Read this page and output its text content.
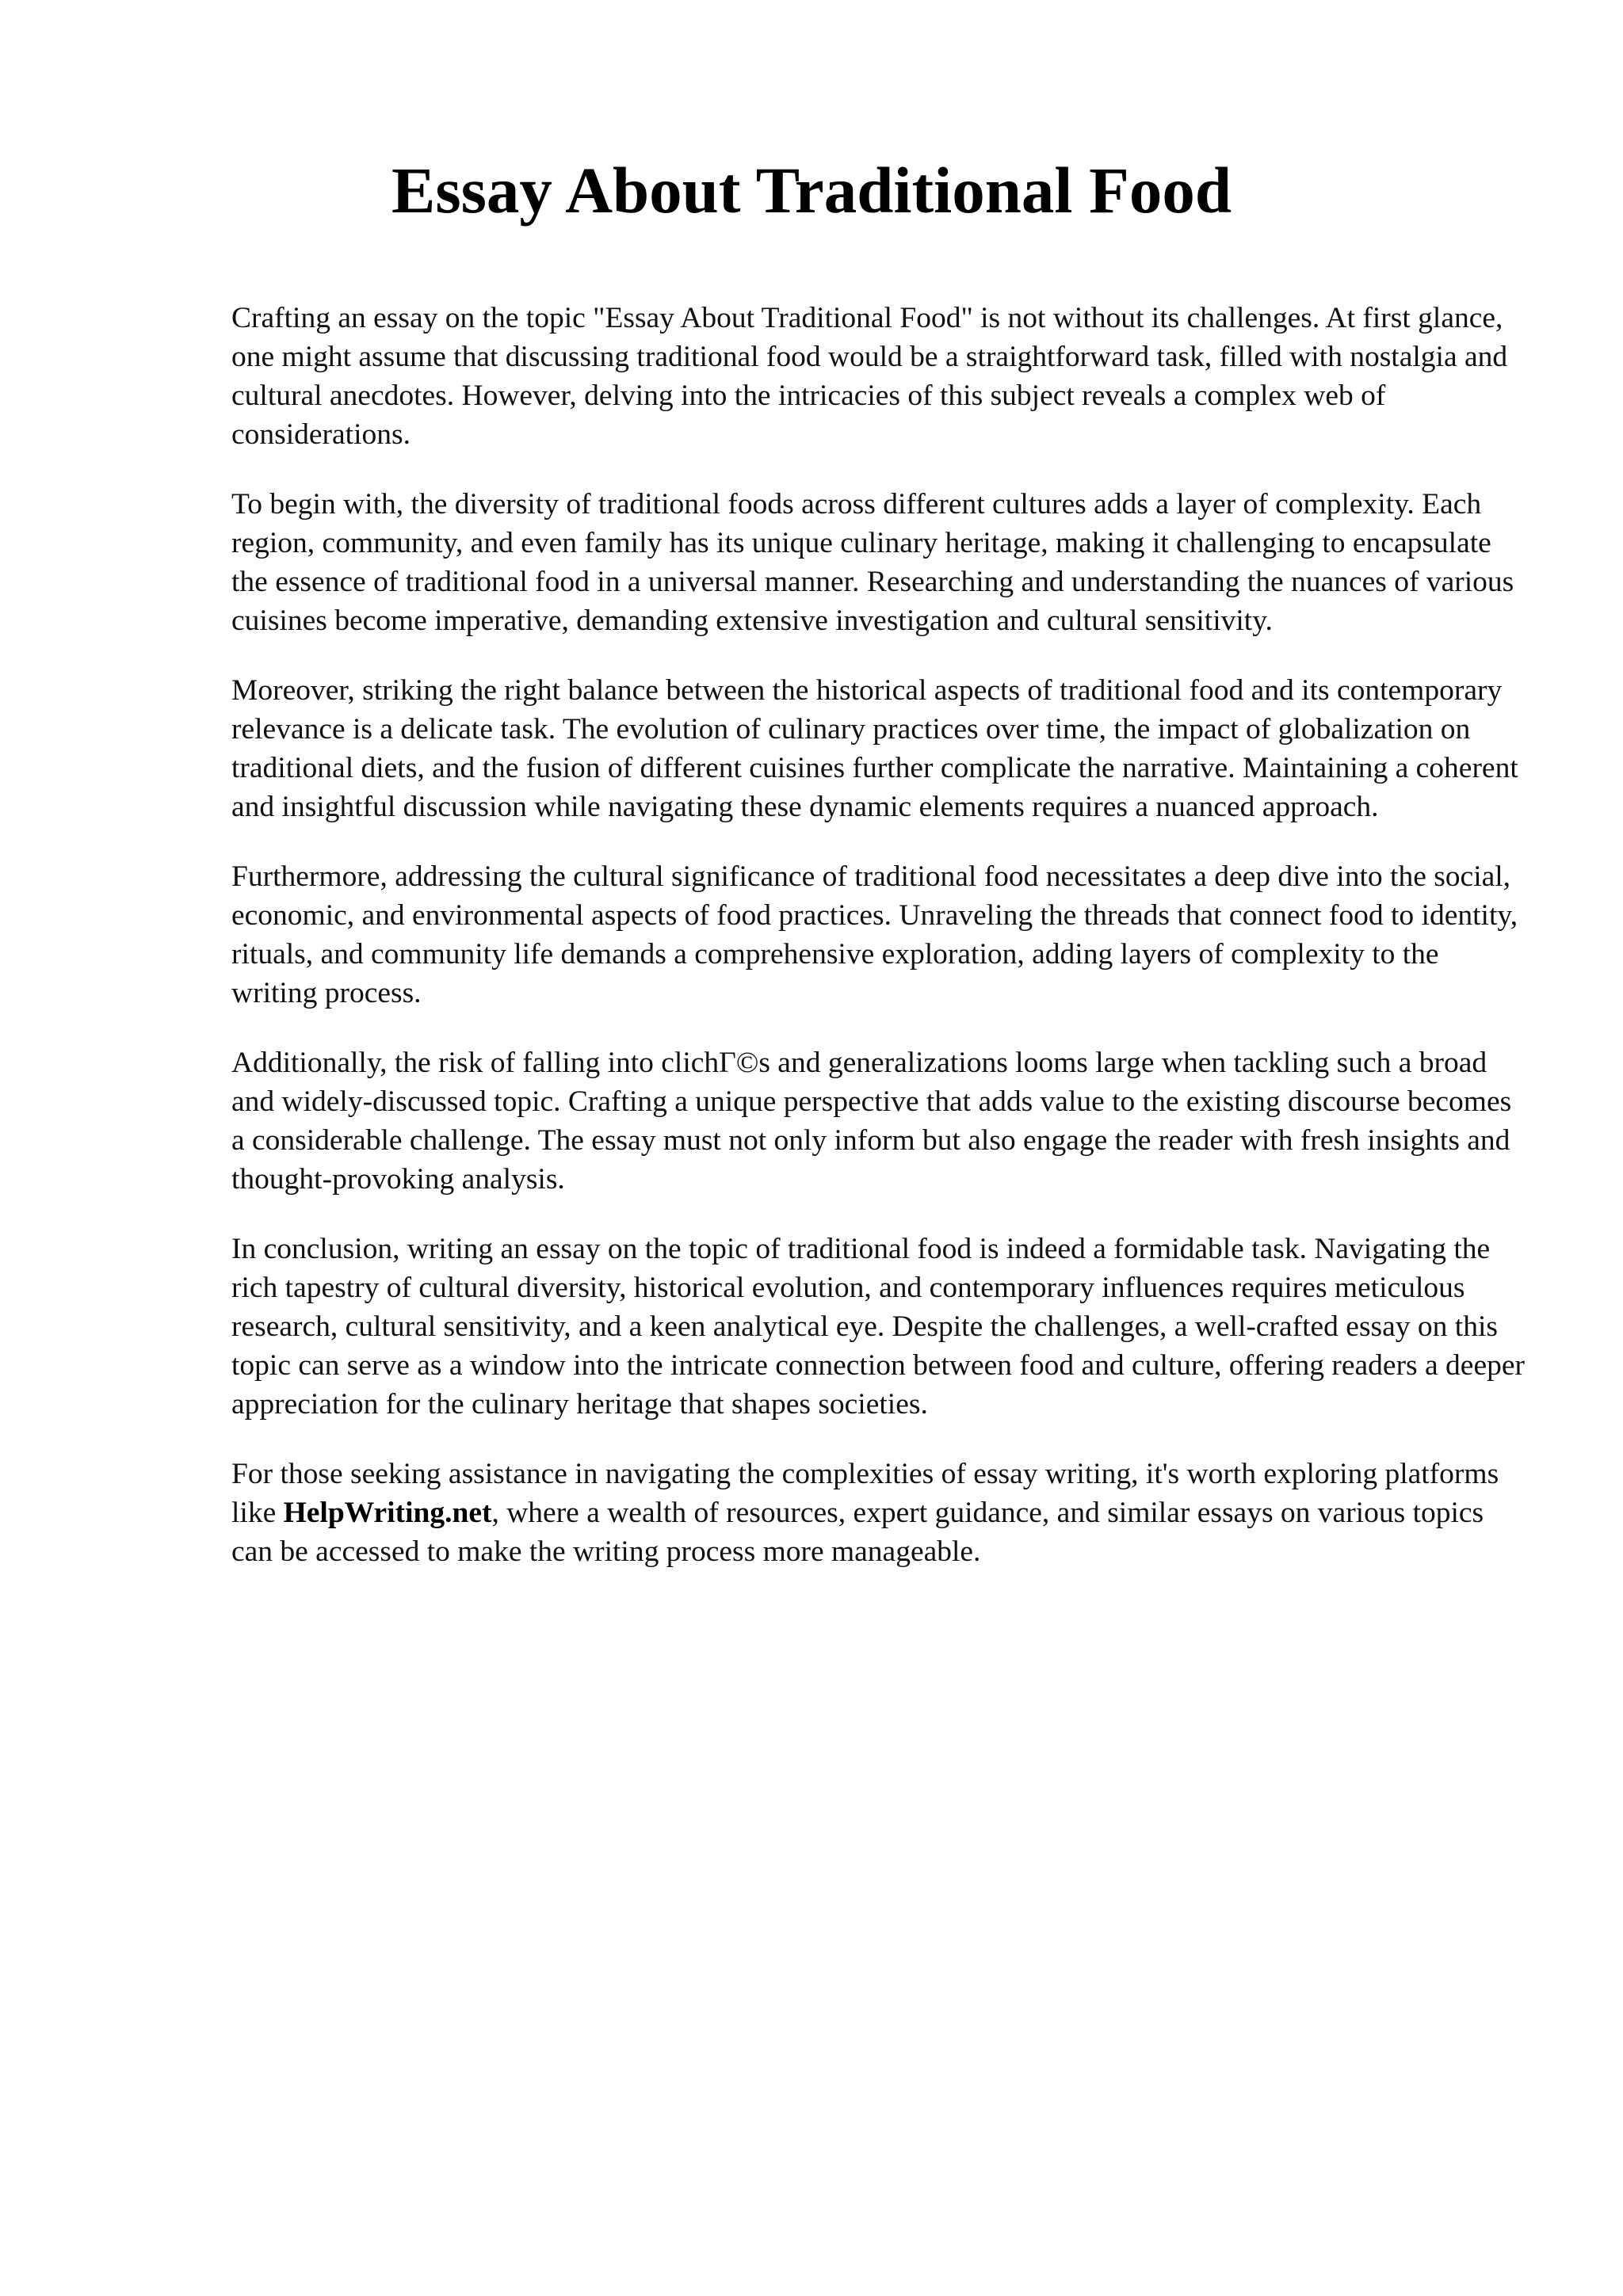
Essay About Traditional Food

Crafting an essay on the topic "Essay About Traditional Food" is not without its challenges. At first glance, one might assume that discussing traditional food would be a straightforward task, filled with nostalgia and cultural anecdotes. However, delving into the intricacies of this subject reveals a complex web of considerations.

To begin with, the diversity of traditional foods across different cultures adds a layer of complexity. Each region, community, and even family has its unique culinary heritage, making it challenging to encapsulate the essence of traditional food in a universal manner. Researching and understanding the nuances of various cuisines become imperative, demanding extensive investigation and cultural sensitivity.

Moreover, striking the right balance between the historical aspects of traditional food and its contemporary relevance is a delicate task. The evolution of culinary practices over time, the impact of globalization on traditional diets, and the fusion of different cuisines further complicate the narrative. Maintaining a coherent and insightful discussion while navigating these dynamic elements requires a nuanced approach.

Furthermore, addressing the cultural significance of traditional food necessitates a deep dive into the social, economic, and environmental aspects of food practices. Unraveling the threads that connect food to identity, rituals, and community life demands a comprehensive exploration, adding layers of complexity to the writing process.

Additionally, the risk of falling into clichΓ©s and generalizations looms large when tackling such a broad and widely-discussed topic. Crafting a unique perspective that adds value to the existing discourse becomes a considerable challenge. The essay must not only inform but also engage the reader with fresh insights and thought-provoking analysis.

In conclusion, writing an essay on the topic of traditional food is indeed a formidable task. Navigating the rich tapestry of cultural diversity, historical evolution, and contemporary influences requires meticulous research, cultural sensitivity, and a keen analytical eye. Despite the challenges, a well-crafted essay on this topic can serve as a window into the intricate connection between food and culture, offering readers a deeper appreciation for the culinary heritage that shapes societies.

For those seeking assistance in navigating the complexities of essay writing, it's worth exploring platforms like HelpWriting.net, where a wealth of resources, expert guidance, and similar essays on various topics can be accessed to make the writing process more manageable.
